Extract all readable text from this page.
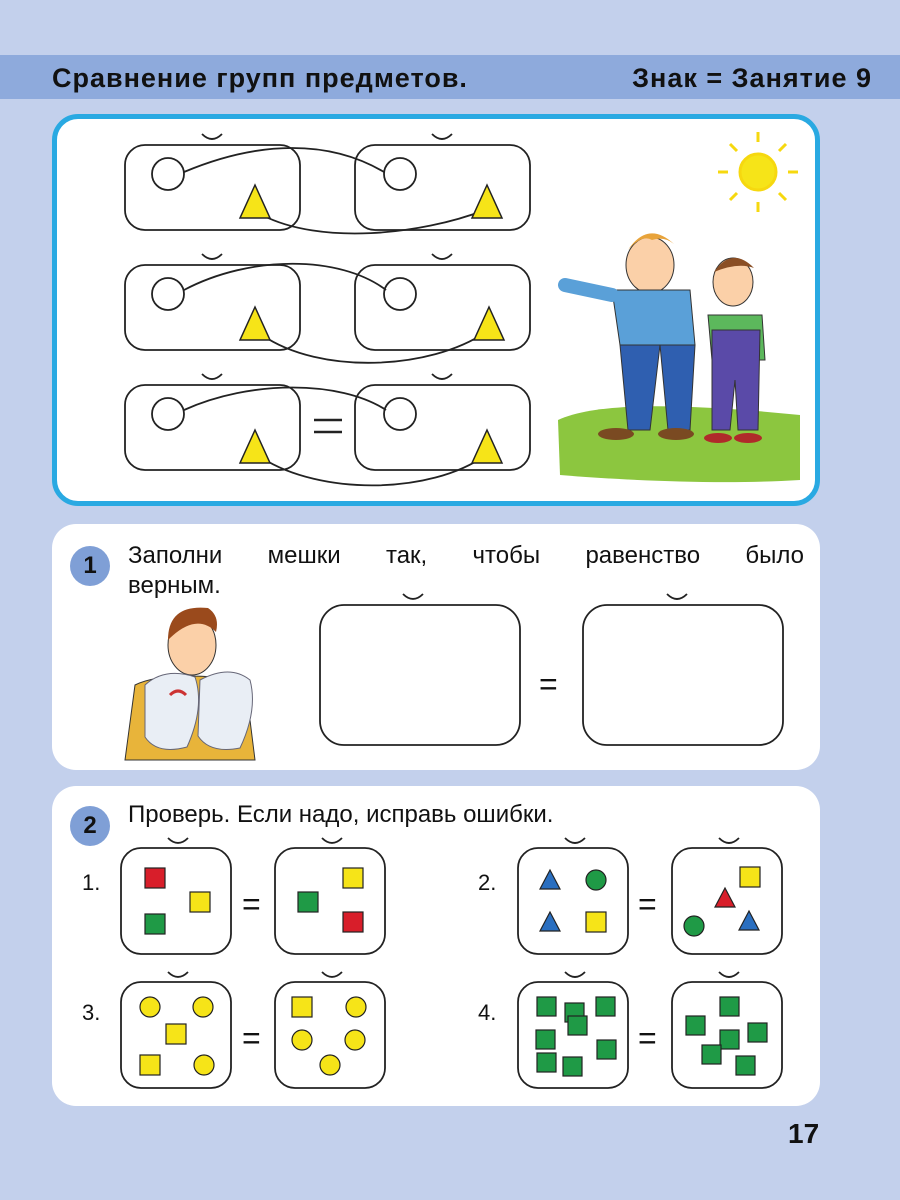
Сравнение групп предметов.	Знак = Занятие 9
1	Заполни мешки так, чтобы равенство было
верным.
=
2	Проверь. Если надо, исправь ошибки.
1.	2.
3.	4.
=	=
=	=
17
